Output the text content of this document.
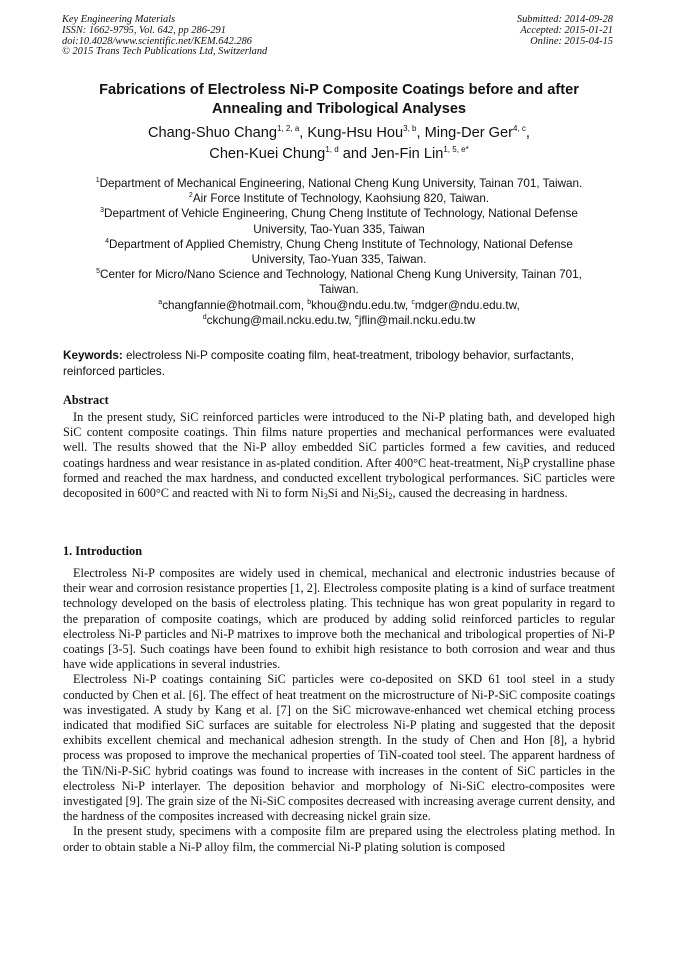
Key Engineering Materials
ISSN: 1662-9795, Vol. 642, pp 286-291
doi:10.4028/www.scientific.net/KEM.642.286
© 2015 Trans Tech Publications Ltd, Switzerland
Submitted: 2014-09-28
Accepted: 2015-01-21
Online: 2015-04-15
Fabrications of Electroless Ni-P Composite Coatings before and after
Annealing and Tribological Analyses
Chang-Shuo Chang$^{1, 2, a}$, Kung-Hsu Hou$^{3, b}$, Ming-Der Ger$^{4, c}$,
Chen-Kuei Chung$^{1, d}$ and Jen-Fin Lin$^{1, 5, e*}$
$^1$Department of Mechanical Engineering, National Cheng Kung University, Tainan 701, Taiwan.
$^2$Air Force Institute of Technology, Kaohsiung 820, Taiwan.
$^3$Department of Vehicle Engineering, Chung Cheng Institute of Technology, National Defense
University, Tao-Yuan 335, Taiwan
$^4$Department of Applied Chemistry, Chung Cheng Institute of Technology, National Defense
University, Tao-Yuan 335, Taiwan.
$^5$Center for Micro/Nano Science and Technology, National Cheng Kung University, Tainan 701,
Taiwan.
$^a$changfannie@hotmail.com, $^b$khou@ndu.edu.tw, $^c$mdger@ndu.edu.tw,
$^d$ckchung@mail.ncku.edu.tw, $^e$jflin@mail.ncku.edu.tw
Keywords: electroless Ni-P composite coating film, heat-treatment, tribology behavior, surfactants, reinforced particles.
Abstract

In the present study, SiC reinforced particles were introduced to the Ni-P plating bath, and developed high SiC content composite coatings. Thin films nature properties and mechanical performances were evaluated well. The results showed that the Ni-P alloy embedded SiC particles formed a few cavities, and reduced coatings hardness and wear resistance in as-plated condition. After 400°C heat-treatment, $Ni_3P$ crystalline phase formed and reached the max hardness, and conducted excellent trybological performances. SiC particles were decoposited in 600°C and reacted with Ni to form $Ni_3Si$ and $Ni_5Si_2$, caused the decreasing in hardness.

1. Introduction

Electroless Ni-P composites are widely used in chemical, mechanical and electronic industries because of their wear and corrosion resistance properties [1, 2]. Electroless composite plating is a kind of surface treatment technology developed on the basis of electroless plating. This technique has won great popularity in regard to the preparation of composite coatings, which are produced by adding solid reinforced particles to regular electroless Ni-P particles and Ni-P matrixes to improve both the mechanical and tribological properties of Ni-P coatings [3-5]. Such coatings have been found to exhibit high resistance to both corrosion and wear and thus have wide applications in several industries.

Electroless Ni-P coatings containing SiC particles were co-deposited on SKD 61 tool steel in a study conducted by Chen et al. [6]. The effect of heat treatment on the microstructure of Ni-P-SiC composite coatings was investigated. A study by Kang et al. [7] on the SiC microwave-enhanced wet chemical etching process indicated that modified SiC surfaces are suitable for electroless Ni-P plating and suggested that the deposit exhibits excellent chemical and mechanical adhesion strength. In the study of Chen and Hon [8], a hybrid process was proposed to improve the mechanical properties of TiN-coated tool steel. The apparent hardness of the TiN/Ni-P-SiC hybrid coatings was found to increase with increases in the content of SiC particles in the electroless Ni-P interlayer. The deposition behavior and morphology of Ni-SiC electro-composites were investigated [9]. The grain size of the Ni-SiC composites decreased with increasing average current density, and the hardness of the composites increased with decreasing nickel grain size.

In the present study, specimens with a composite film are prepared using the electroless plating method. In order to obtain stable a Ni-P alloy film, the commercial Ni-P plating solution is composed
